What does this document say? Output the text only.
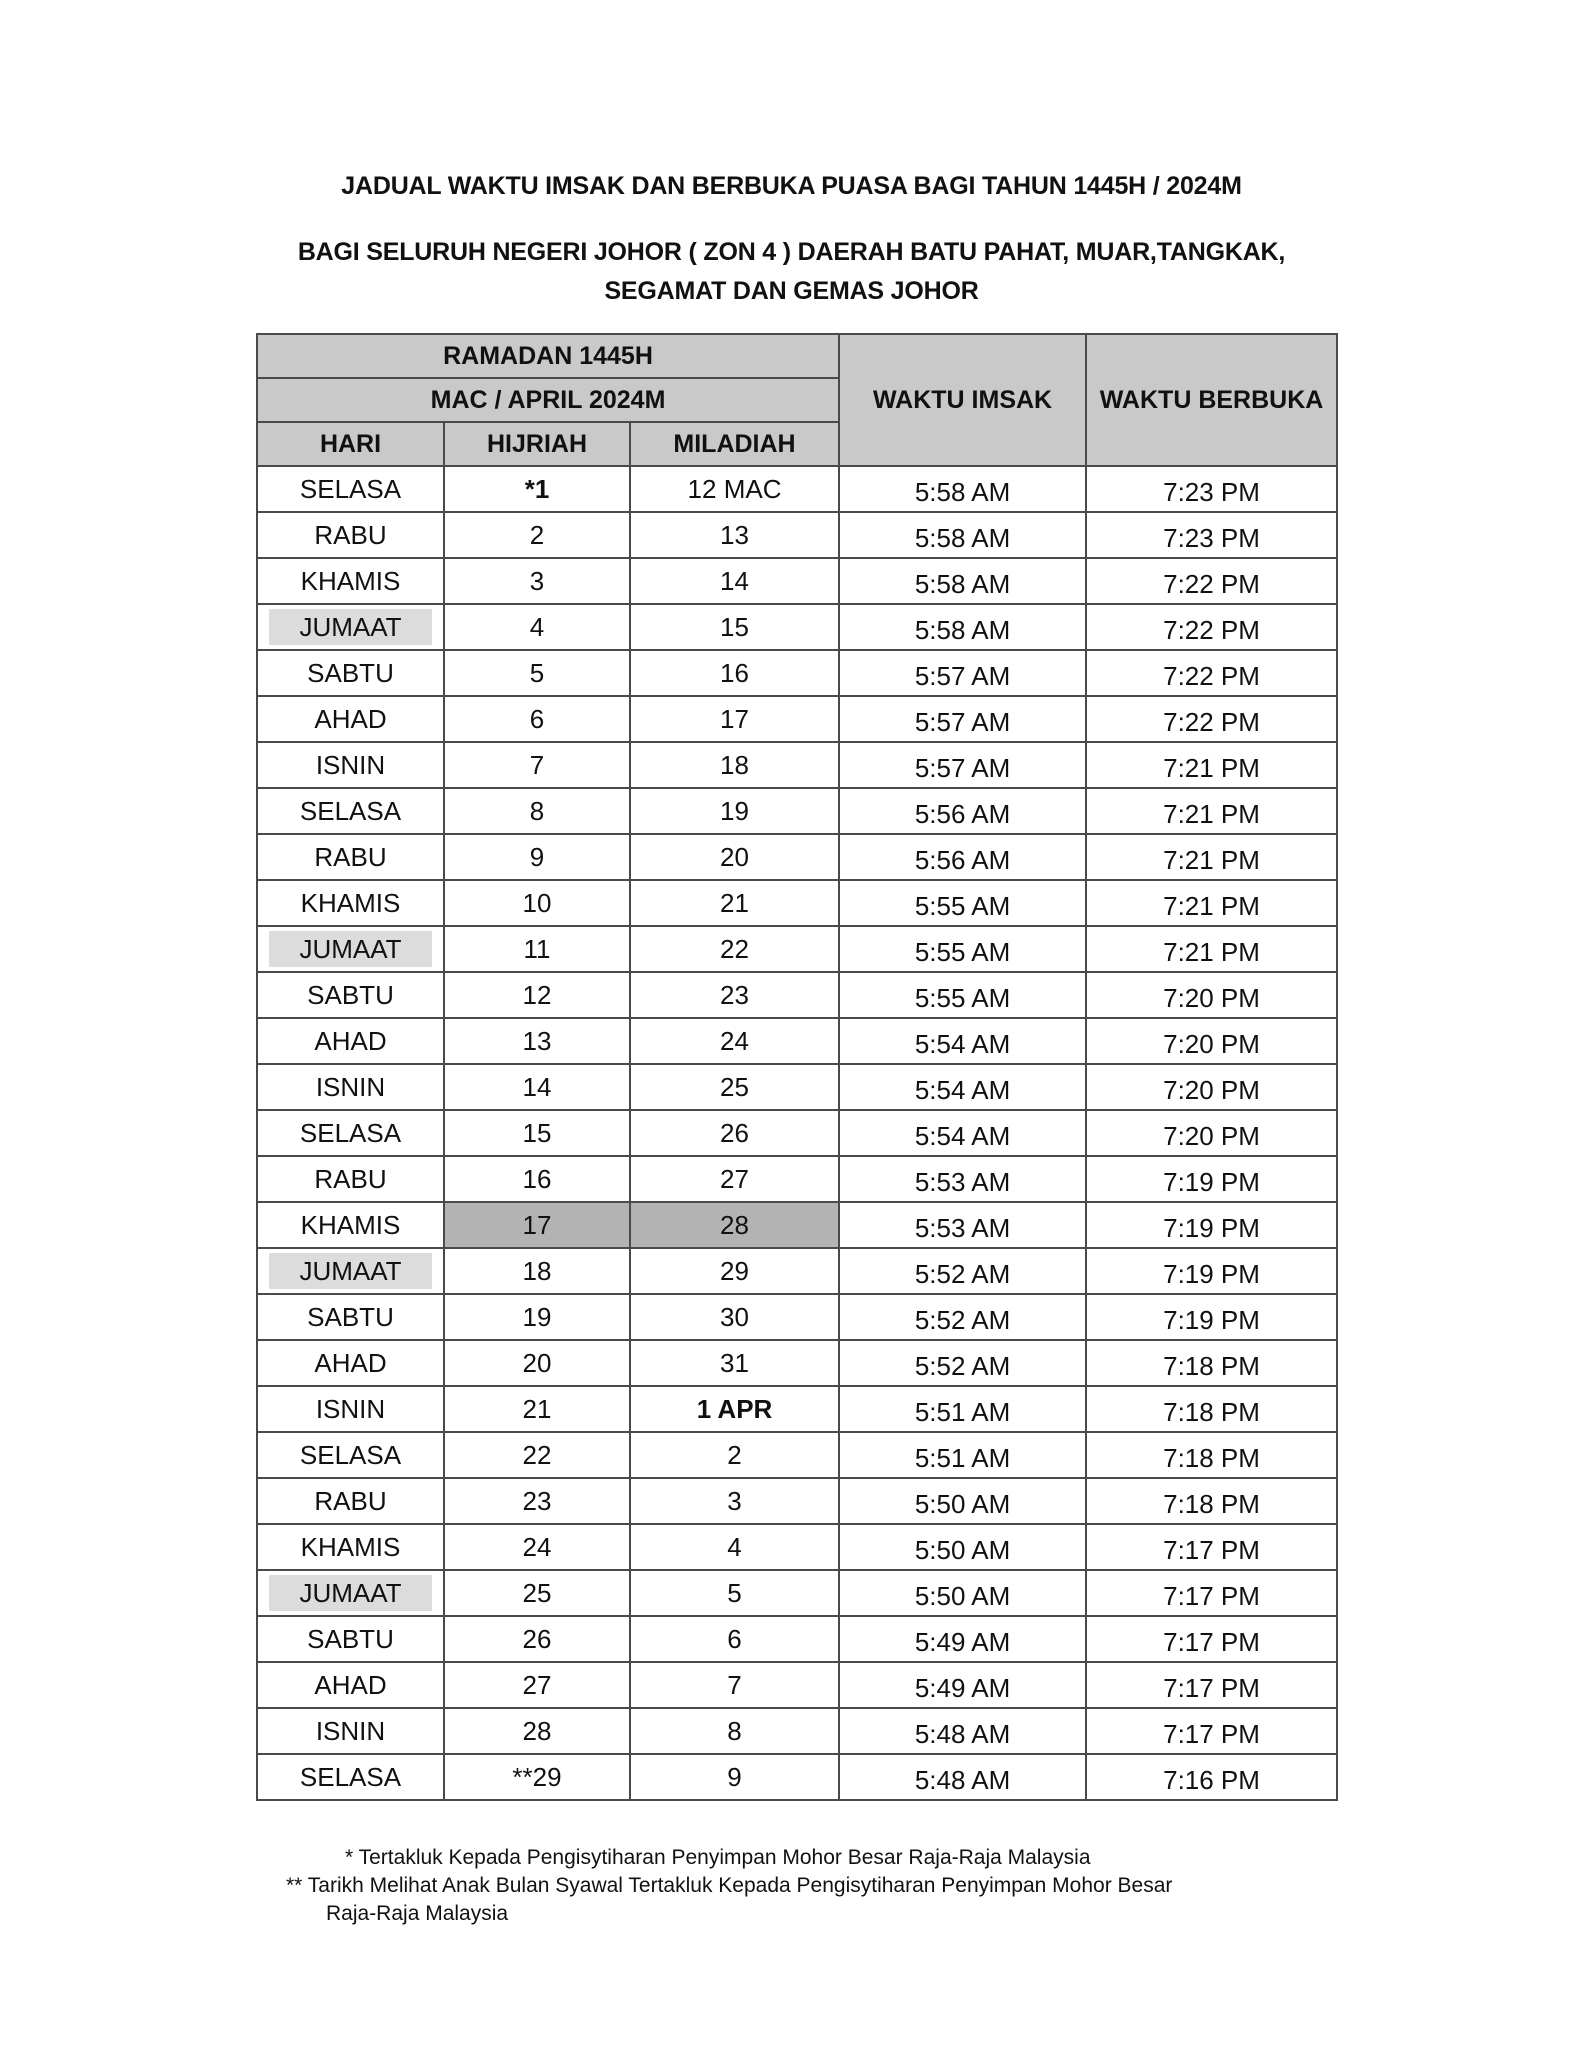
JADUAL WAKTU IMSAK DAN BERBUKA PUASA BAGI TAHUN 1445H / 2024M
BAGI SELURUH NEGERI JOHOR ( ZON 4 ) DAERAH BATU PAHAT, MUAR,TANGKAK,
SEGAMAT DAN GEMAS JOHOR
RAMADAN 1445H			WAKTU IMSAK	WAKTU BERBUKA
MAC / APRIL 2024M				
HARI	HIJRIAH	MILADIAH		
SELASA	*1	12 MAC	5:58 AM	7:23 PM
RABU	2	13	5:58 AM	7:23 PM
KHAMIS	3	14	5:58 AM	7:22 PM
JUMAAT	4	15	5:58 AM	7:22 PM
SABTU	5	16	5:57 AM	7:22 PM
AHAD	6	17	5:57 AM	7:22 PM
ISNIN	7	18	5:57 AM	7:21 PM
SELASA	8	19	5:56 AM	7:21 PM
RABU	9	20	5:56 AM	7:21 PM
KHAMIS	10	21	5:55 AM	7:21 PM
JUMAAT	11	22	5:55 AM	7:21 PM
SABTU	12	23	5:55 AM	7:20 PM
AHAD	13	24	5:54 AM	7:20 PM
ISNIN	14	25	5:54 AM	7:20 PM
SELASA	15	26	5:54 AM	7:20 PM
RABU	16	27	5:53 AM	7:19 PM
KHAMIS	17	28	5:53 AM	7:19 PM
JUMAAT	18	29	5:52 AM	7:19 PM
SABTU	19	30	5:52 AM	7:19 PM
AHAD	20	31	5:52 AM	7:18 PM
ISNIN	21	1 APR	5:51 AM	7:18 PM
SELASA	22	2	5:51 AM	7:18 PM
RABU	23	3	5:50 AM	7:18 PM
KHAMIS	24	4	5:50 AM	7:17 PM
JUMAAT	25	5	5:50 AM	7:17 PM
SABTU	26	6	5:49 AM	7:17 PM
AHAD	27	7	5:49 AM	7:17 PM
ISNIN	28	8	5:48 AM	7:17 PM
SELASA	**29	9	5:48 AM	7:16 PM
* Tertakluk Kepada Pengisytiharan Penyimpan Mohor Besar Raja-Raja Malaysia
** Tarikh Melihat Anak Bulan Syawal Tertakluk Kepada Pengisytiharan Penyimpan Mohor Besar
Raja-Raja Malaysia
